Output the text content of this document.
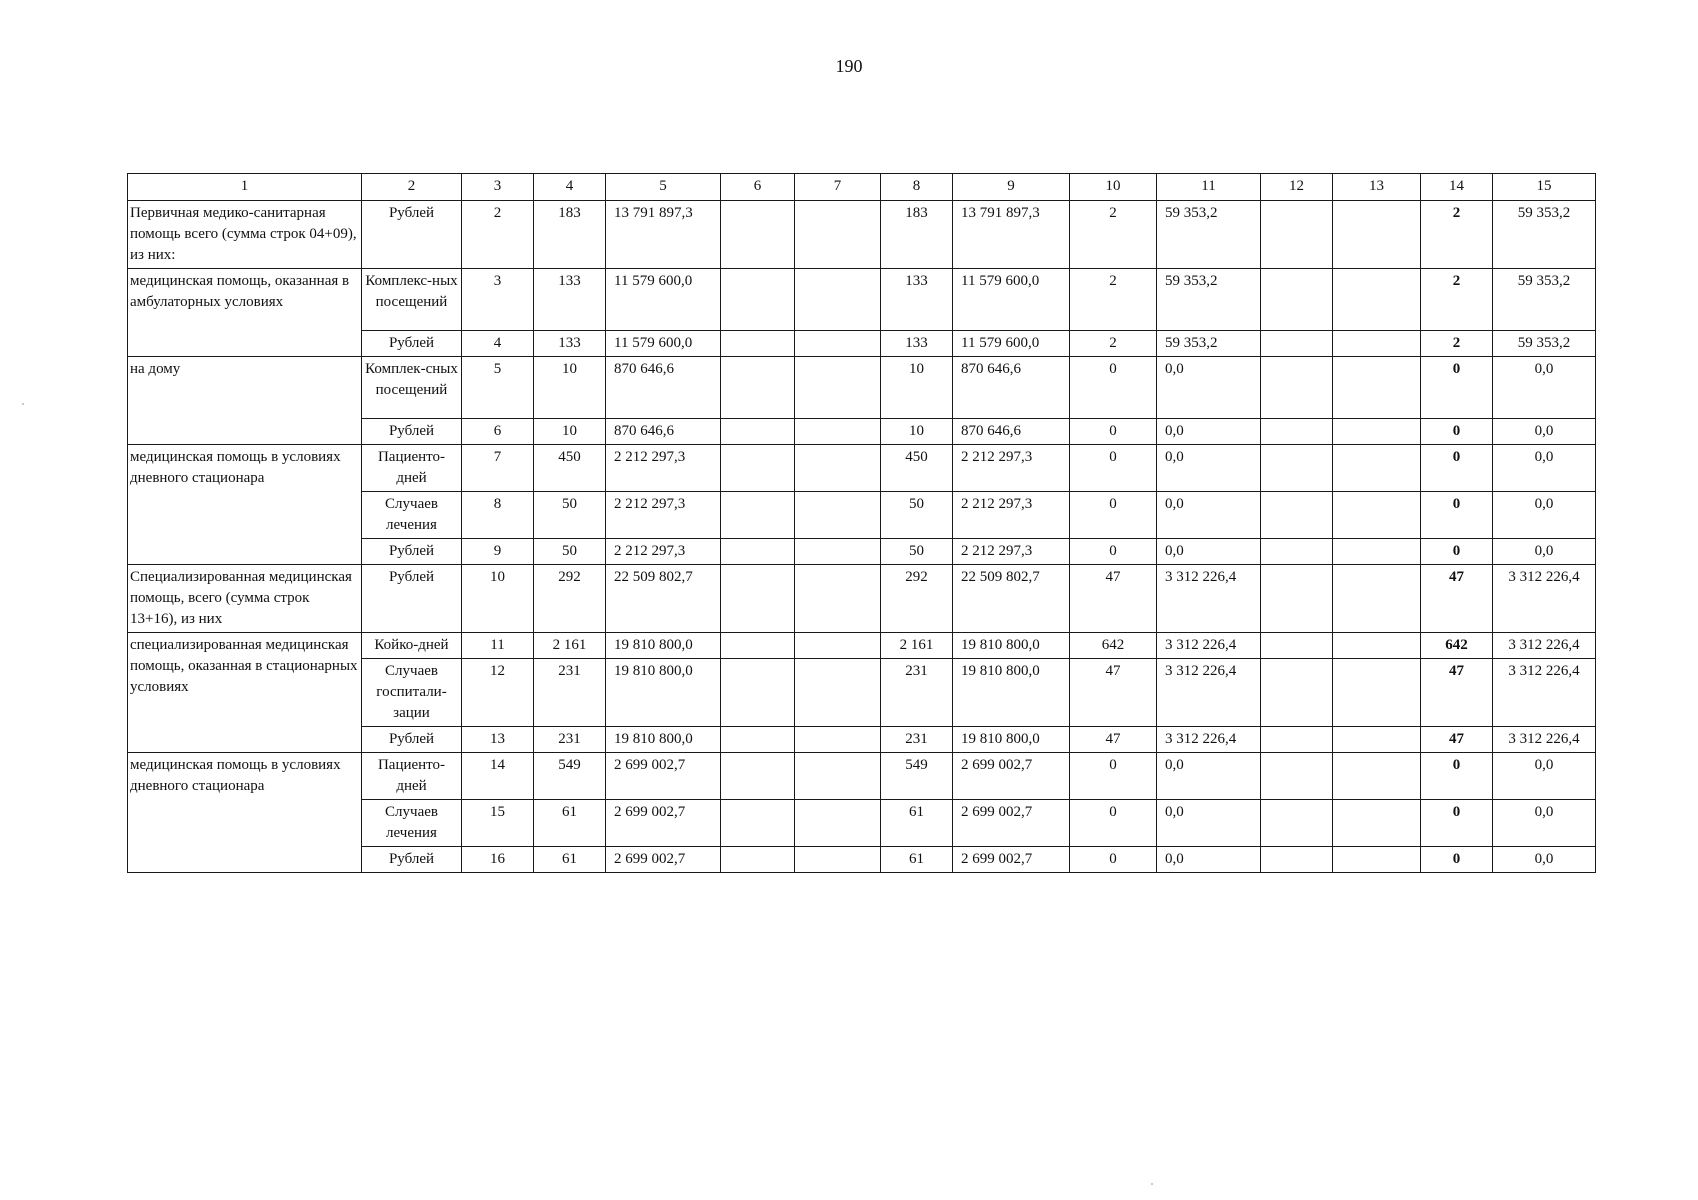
190
1	2	3	4	5	6	7	8	9	10	11	12	13	14	15
Первичная медико-санитарная помощь всего (сумма строк 04+09), из них:	Рублей	2	183	13 791 897,3			183	13 791 897,3	2	59 353,2			2	59 353,2
медицинская помощь, оказанная в амбулаторных условиях	Комплекс-ных посещений	3	133	11 579 600,0			133	11 579 600,0	2	59 353,2			2	59 353,2
	Рублей	4	133	11 579 600,0			133	11 579 600,0	2	59 353,2			2	59 353,2
на дому	Комплек-сных посещений	5	10	870 646,6			10	870 646,6	0	0,0			0	0,0
	Рублей	6	10	870 646,6			10	870 646,6	0	0,0			0	0,0
медицинская помощь в условиях дневного стационара	Пациенто-дней	7	450	2 212 297,3			450	2 212 297,3	0	0,0			0	0,0
	Случаев лечения	8	50	2 212 297,3			50	2 212 297,3	0	0,0			0	0,0
	Рублей	9	50	2 212 297,3			50	2 212 297,3	0	0,0			0	0,0
Специализированная медицинская помощь, всего (сумма строк 13+16), из них	Рублей	10	292	22 509 802,7			292	22 509 802,7	47	3 312 226,4			47	3 312 226,4
специализированная медицинская помощь, оказанная в стационарных условиях	Койко-дней	11	2 161	19 810 800,0			2 161	19 810 800,0	642	3 312 226,4			642	3 312 226,4
	Случаев госпитали-зации	12	231	19 810 800,0			231	19 810 800,0	47	3 312 226,4			47	3 312 226,4
	Рублей	13	231	19 810 800,0			231	19 810 800,0	47	3 312 226,4			47	3 312 226,4
медицинская помощь в условиях дневного стационара	Пациенто-дней	14	549	2 699 002,7			549	2 699 002,7	0	0,0			0	0,0
	Случаев лечения	15	61	2 699 002,7			61	2 699 002,7	0	0,0			0	0,0
	Рублей	16	61	2 699 002,7			61	2 699 002,7	0	0,0			0	0,0
